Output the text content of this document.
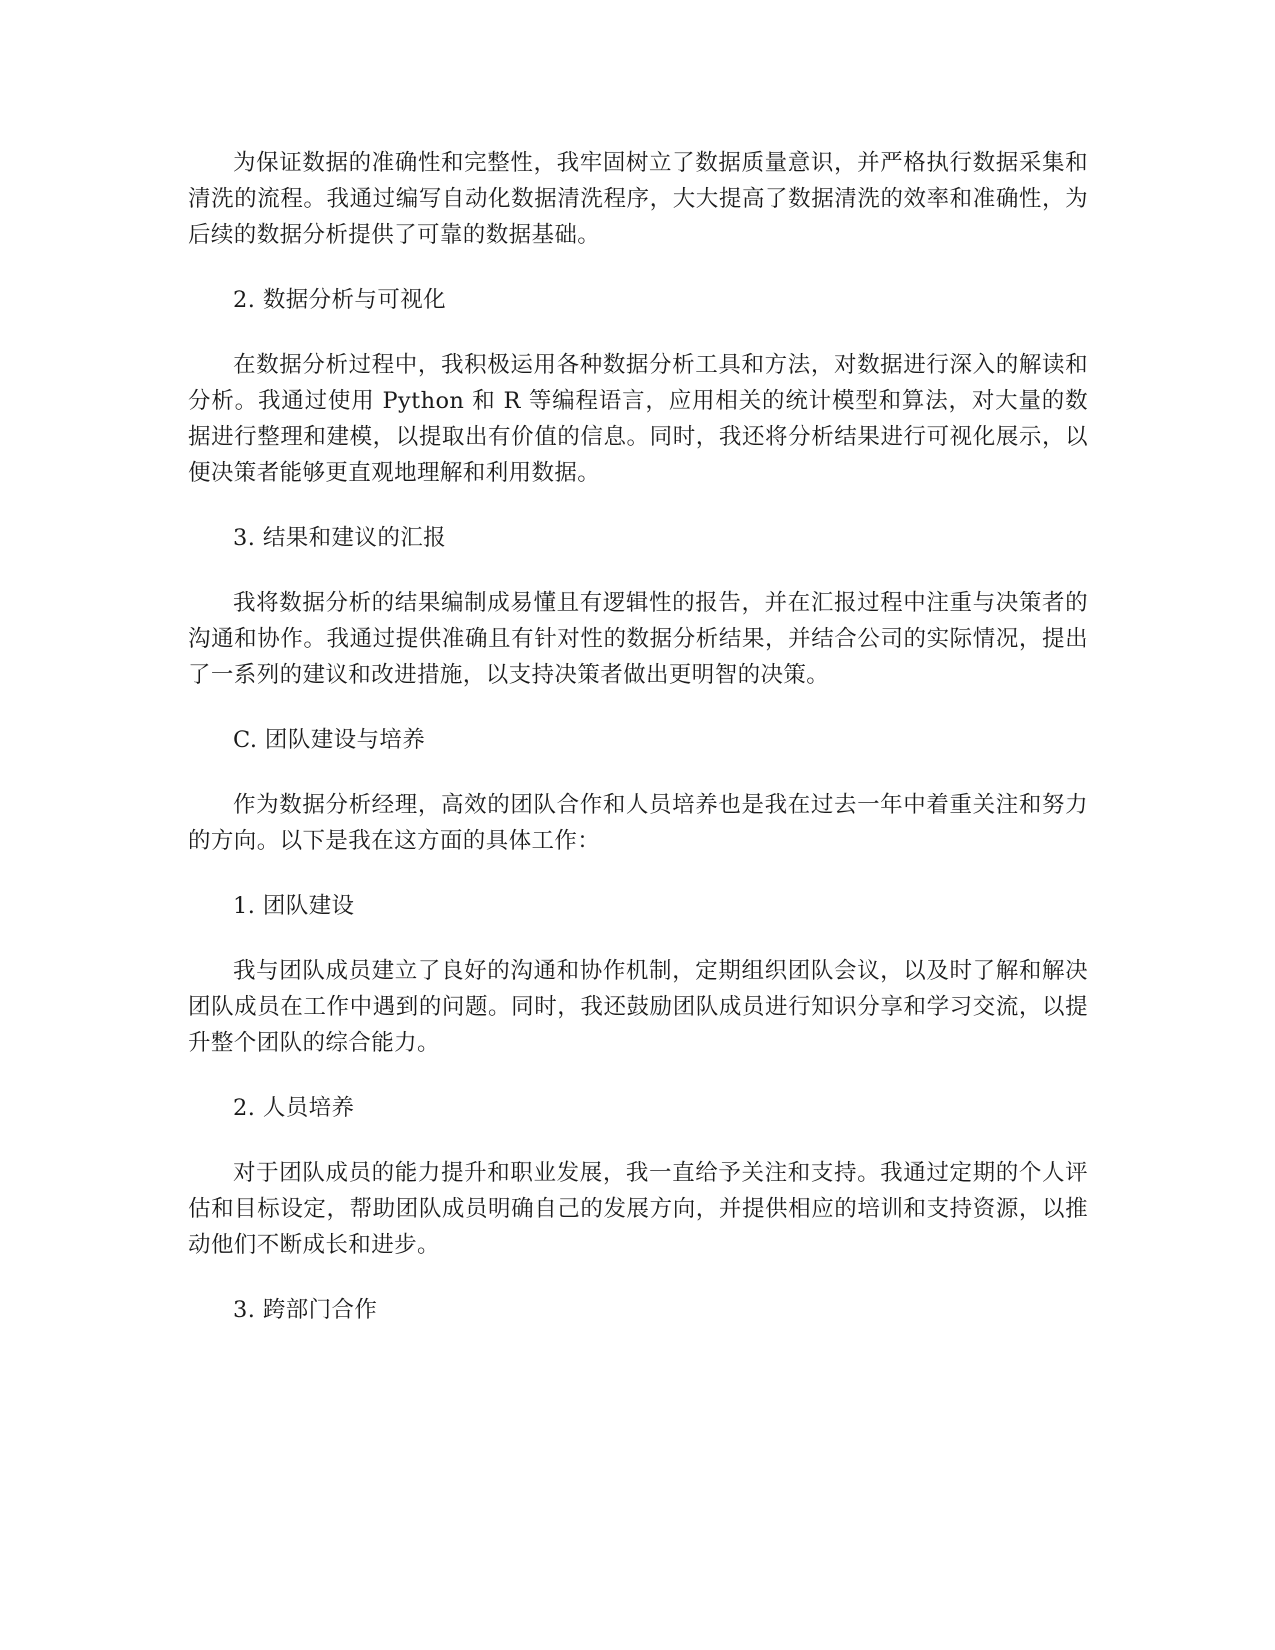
为保证数据的准确性和完整性，我牢固树立了数据质量意识，并严格执行数据采集和清洗的流程。我通过编写自动化数据清洗程序，大大提高了数据清洗的效率和准确性，为后续的数据分析提供了可靠的数据基础。

2. 数据分析与可视化

在数据分析过程中，我积极运用各种数据分析工具和方法，对数据进行深入的解读和分析。我通过使用 Python 和 R 等编程语言，应用相关的统计模型和算法，对大量的数据进行整理和建模，以提取出有价值的信息。同时，我还将分析结果进行可视化展示，以便决策者能够更直观地理解和利用数据。

3. 结果和建议的汇报

我将数据分析的结果编制成易懂且有逻辑性的报告，并在汇报过程中注重与决策者的沟通和协作。我通过提供准确且有针对性的数据分析结果，并结合公司的实际情况，提出了一系列的建议和改进措施，以支持决策者做出更明智的决策。

C. 团队建设与培养

作为数据分析经理，高效的团队合作和人员培养也是我在过去一年中着重关注和努力的方向。以下是我在这方面的具体工作：

1. 团队建设

我与团队成员建立了良好的沟通和协作机制，定期组织团队会议，以及时了解和解决团队成员在工作中遇到的问题。同时，我还鼓励团队成员进行知识分享和学习交流，以提升整个团队的综合能力。

2. 人员培养

对于团队成员的能力提升和职业发展，我一直给予关注和支持。我通过定期的个人评估和目标设定，帮助团队成员明确自己的发展方向，并提供相应的培训和支持资源，以推动他们不断成长和进步。

3. 跨部门合作
